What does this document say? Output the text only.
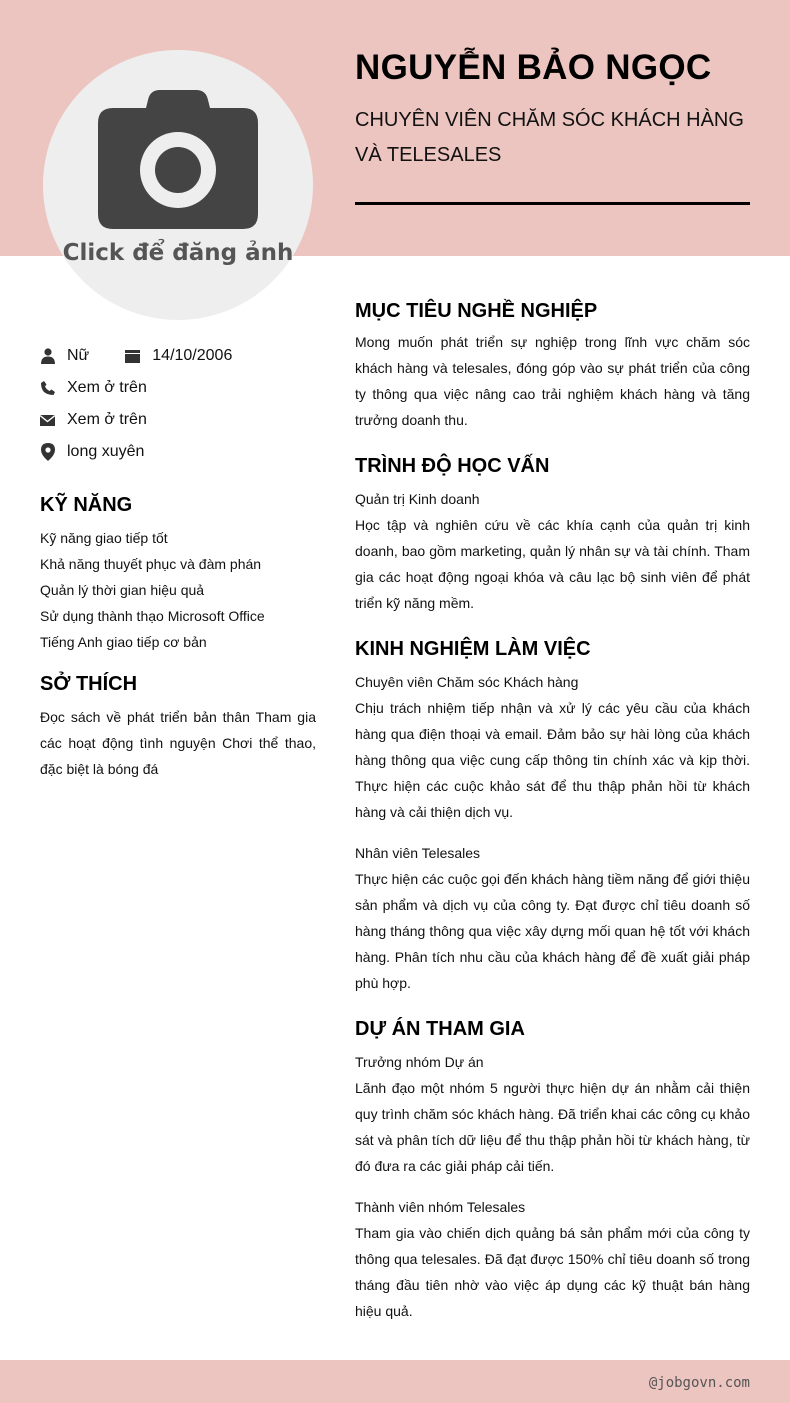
Click để đăng ảnh
NGUYỄN BẢO NGỌC
CHUYÊN VIÊN CHĂM SÓC KHÁCH HÀNG
VÀ TELESALES
Nữ	14/10/2006
Xem ở trên
Xem ở trên
long xuyên
KỸ NĂNG
Kỹ năng giao tiếp tốt
Khả năng thuyết phục và đàm phán
Quản lý thời gian hiệu quả
Sử dụng thành thạo Microsoft Office
Tiếng Anh giao tiếp cơ bản
SỞ THÍCH
Đọc sách về phát triển bản thân Tham gia các hoạt động tình nguyện Chơi thể thao, đặc biệt là bóng đá
MỤC TIÊU NGHỀ NGHIỆP
Mong muốn phát triển sự nghiệp trong lĩnh vực chăm sóc khách hàng và telesales, đóng góp vào sự phát triển của công ty thông qua việc nâng cao trải nghiệm khách hàng và tăng trưởng doanh thu.
TRÌNH ĐỘ HỌC VẤN
Quản trị Kinh doanh
Học tập và nghiên cứu về các khía cạnh của quản trị kinh doanh, bao gồm marketing, quản lý nhân sự và tài chính. Tham gia các hoạt động ngoại khóa và câu lạc bộ sinh viên để phát triển kỹ năng mềm.
KINH NGHIỆM LÀM VIỆC
Chuyên viên Chăm sóc Khách hàng
Chịu trách nhiệm tiếp nhận và xử lý các yêu cầu của khách hàng qua điện thoại và email. Đảm bảo sự hài lòng của khách hàng thông qua việc cung cấp thông tin chính xác và kịp thời. Thực hiện các cuộc khảo sát để thu thập phản hồi từ khách hàng và cải thiện dịch vụ.
Nhân viên Telesales
Thực hiện các cuộc gọi đến khách hàng tiềm năng để giới thiệu sản phẩm và dịch vụ của công ty. Đạt được chỉ tiêu doanh số hàng tháng thông qua việc xây dựng mối quan hệ tốt với khách hàng. Phân tích nhu cầu của khách hàng để đề xuất giải pháp phù hợp.
DỰ ÁN THAM GIA
Trưởng nhóm Dự án
Lãnh đạo một nhóm 5 người thực hiện dự án nhằm cải thiện quy trình chăm sóc khách hàng. Đã triển khai các công cụ khảo sát và phân tích dữ liệu để thu thập phản hồi từ khách hàng, từ đó đưa ra các giải pháp cải tiến.
Thành viên nhóm Telesales
Tham gia vào chiến dịch quảng bá sản phẩm mới của công ty thông qua telesales. Đã đạt được 150% chỉ tiêu doanh số trong tháng đầu tiên nhờ vào việc áp dụng các kỹ thuật bán hàng hiệu quả.
@jobgovn.com
